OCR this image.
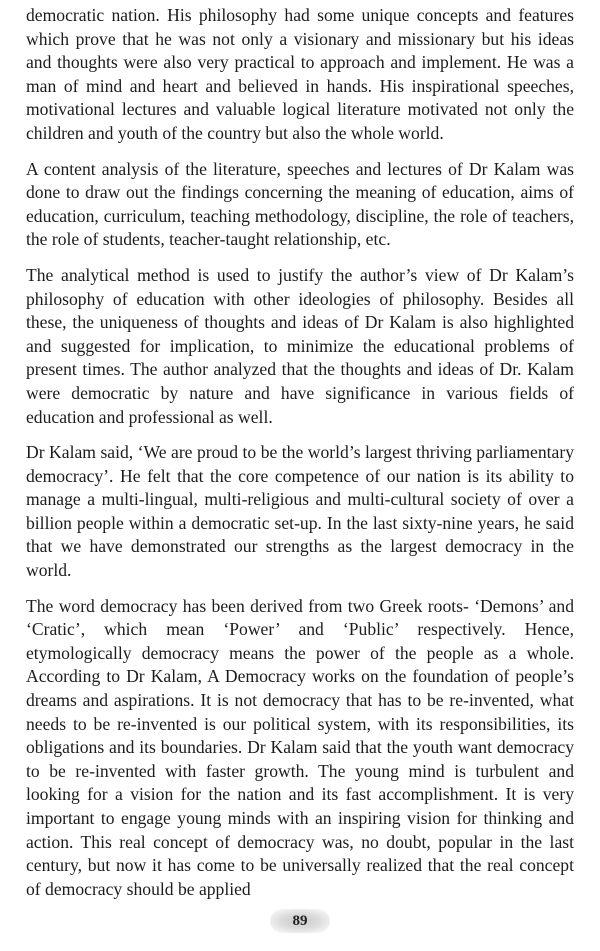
democratic nation. His philosophy had some unique concepts and features which prove that he was not only a visionary and missionary but his ideas and thoughts were also very practical to approach and implement. He was a man of mind and heart and believed in hands. His inspirational speeches, motivational lectures and valuable logical literature motivated not only the children and youth of the country but also the whole world.

A content analysis of the literature, speeches and lectures of Dr Kalam was done to draw out the findings concerning the meaning of education, aims of education, curriculum, teaching methodology, discipline, the role of teachers, the role of students, teacher-taught relationship, etc.

The analytical method is used to justify the author’s view of Dr Kalam’s philosophy of education with other ideologies of philosophy. Besides all these, the uniqueness of thoughts and ideas of Dr Kalam is also highlighted and suggested for implication, to minimize the educational problems of present times. The author analyzed that the thoughts and ideas of Dr. Kalam were democratic by nature and have significance in various fields of education and professional as well.

Dr Kalam said, ‘We are proud to be the world’s largest thriving parliamentary democracy’. He felt that the core competence of our nation is its ability to manage a multi-lingual, multi-religious and multi-cultural society of over a billion people within a democratic set-up. In the last sixty-nine years, he said that we have demonstrated our strengths as the largest democracy in the world.

The word democracy has been derived from two Greek roots- ‘Demons’ and ‘Cratic’, which mean ‘Power’ and ‘Public’ respectively. Hence, etymologically democracy means the power of the people as a whole. According to Dr Kalam, A Democracy works on the foundation of people’s dreams and aspirations. It is not democracy that has to be re-invented, what needs to be re-invented is our political system, with its responsibilities, its obligations and its boundaries. Dr Kalam said that the youth want democracy to be re-invented with faster growth. The young mind is turbulent and looking for a vision for the nation and its fast accomplishment. It is very important to engage young minds with an inspiring vision for thinking and action. This real concept of democracy was, no doubt, popular in the last century, but now it has come to be universally realized that the real concept of democracy should be applied

89
